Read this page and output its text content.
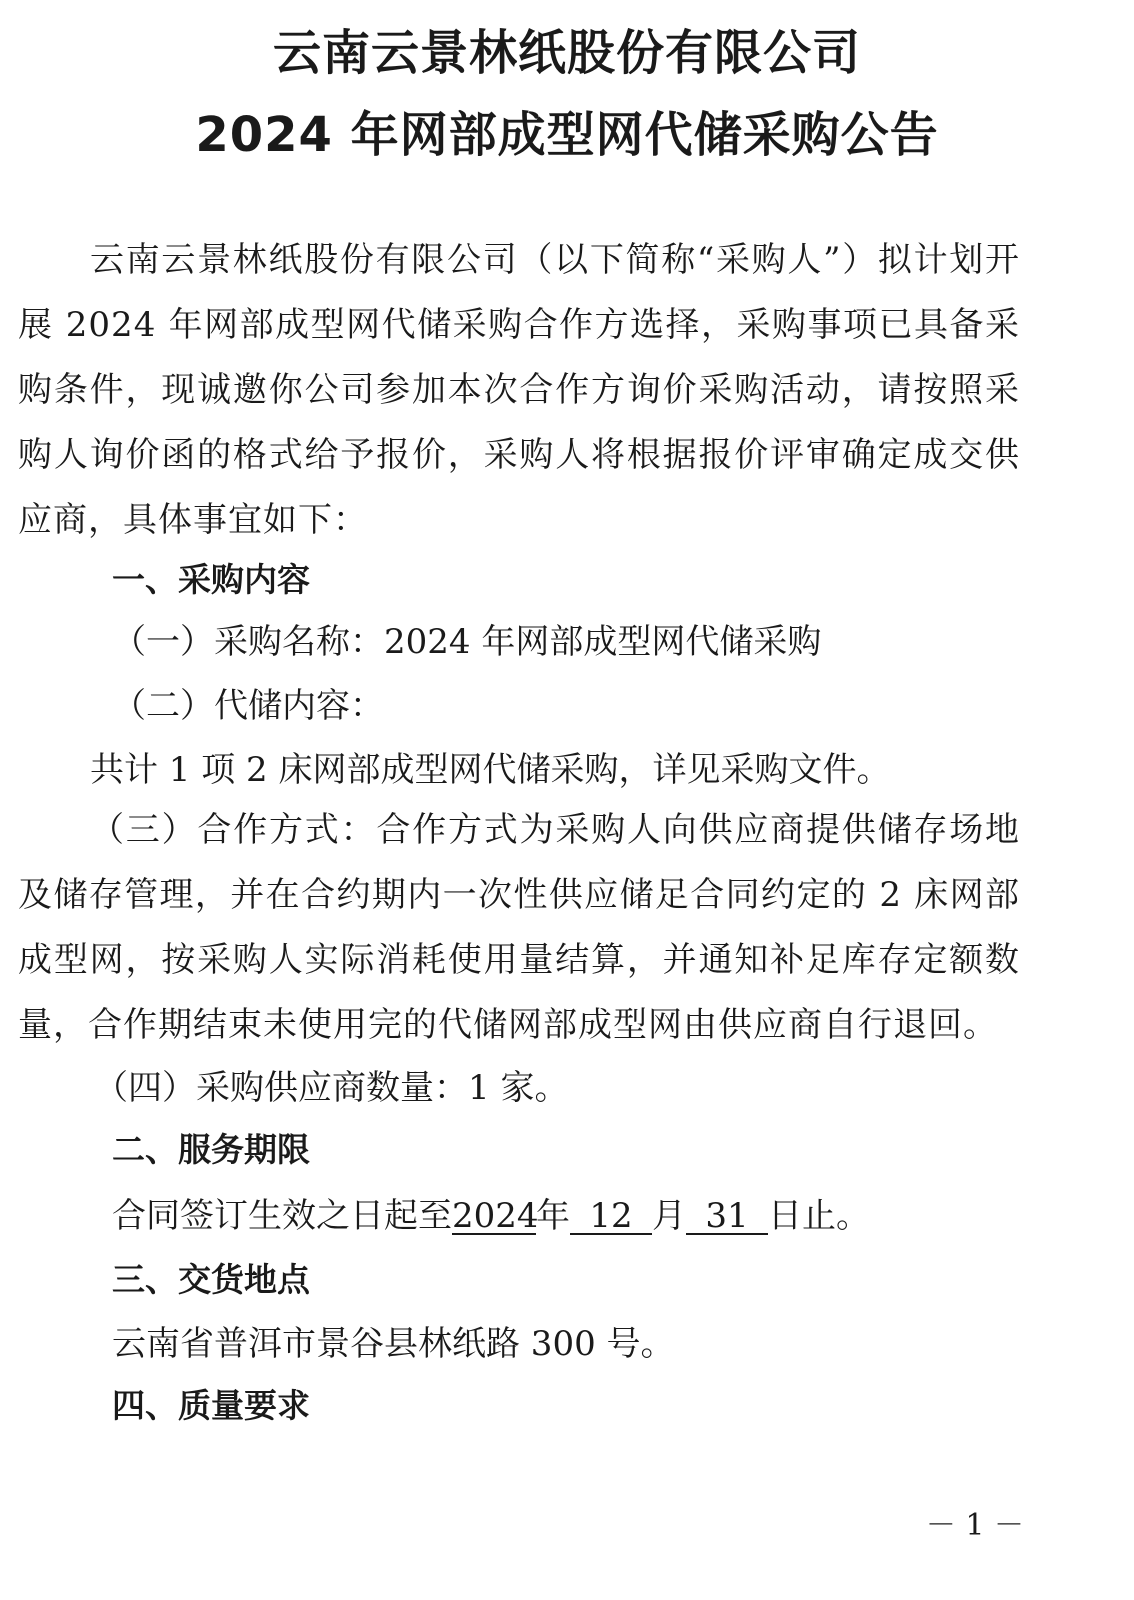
云南云景林纸股份有限公司
2024 年网部成型网代储采购公告
云南云景林纸股份有限公司（以下简称“采购人”）拟计划开展 2024 年网部成型网代储采购合作方选择，采购事项已具备采购条件，现诚邀你公司参加本次合作方询价采购活动，请按照采购人询价函的格式给予报价，采购人将根据报价评审确定成交供应商，具体事宜如下：
一、采购内容
（一）采购名称：2024 年网部成型网代储采购
（二）代储内容：
共计 1 项 2 床网部成型网代储采购，详见采购文件。
（三）合作方式：合作方式为采购人向供应商提供储存场地及储存管理，并在合约期内一次性供应储足合同约定的 2 床网部成型网，按采购人实际消耗使用量结算，并通知补足库存定额数量，合作期结束未使用完的代储网部成型网由供应商自行退回。
（四）采购供应商数量：1 家。
二、服务期限
合同签订生效之日起至2024年 12 月 31 日止。
三、交货地点
云南省普洱市景谷县林纸路 300 号。
四、质量要求
－ 1 －
